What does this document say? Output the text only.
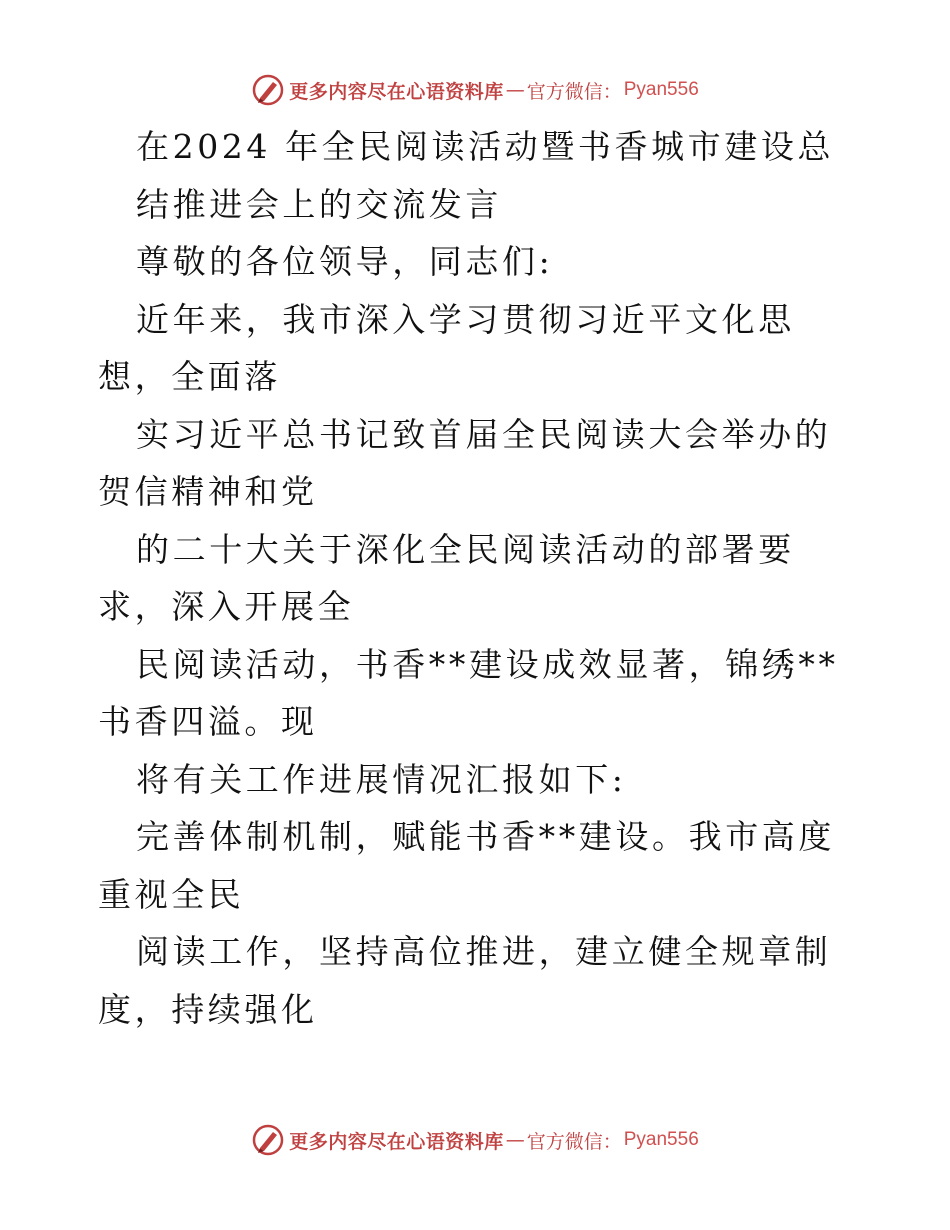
更多内容尽在心语资料库 — 官方微信： Pyan556

在2024 年全民阅读活动暨书香城市建设总

结推进会上的交流发言

尊敬的各位领导，同志们:

近年来，我市深入学习贯彻习近平文化思想，全面落

实习近平总书记致首届全民阅读大会举办的贺信精神和党

的二十大关于深化全民阅读活动的部署要求，深入开展全

民阅读活动，书香**建设成效显著，锦绣**书香四溢。现

将有关工作进展情况汇报如下:

完善体制机制，赋能书香**建设。我市高度重视全民

阅读工作，坚持高位推进，建立健全规章制度，持续强化

更多内容尽在心语资料库 — 官方微信： Pyan556
